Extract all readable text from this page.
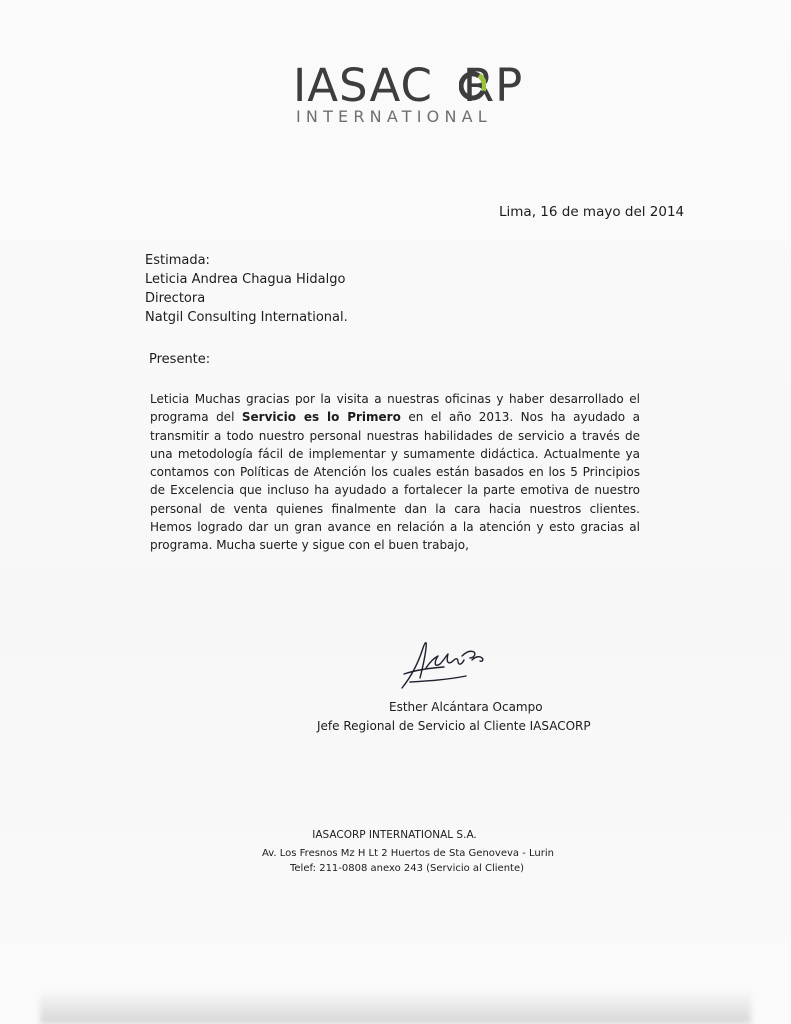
IASAC RP
INTERNATIONAL
Lima, 16 de mayo del 2014
Estimada:
Leticia Andrea Chagua Hidalgo
Directora
Natgil Consulting International.
Presente:
Leticia Muchas gracias por la visita a nuestras oficinas y haber desarrollado el programa del Servicio es lo Primero en el año 2013. Nos ha ayudado a transmitir a todo nuestro personal nuestras habilidades de servicio a través de una metodología fácil de implementar y sumamente didáctica. Actualmente ya contamos con Políticas de Atención los cuales están basados en los 5 Principios de Excelencia que incluso ha ayudado a fortalecer la parte emotiva de nuestro personal de venta quienes finalmente dan la cara hacia nuestros clientes. Hemos logrado dar un gran avance en relación a la atención y esto gracias al programa. Mucha suerte y sigue con el buen trabajo,
Esther Alcántara Ocampo
Jefe Regional de Servicio al Cliente IASACORP
IASACORP INTERNATIONAL S.A.
Av. Los Fresnos Mz H Lt 2 Huertos de Sta Genoveva - Lurin
Telef: 211-0808 anexo 243 (Servicio al Cliente)
